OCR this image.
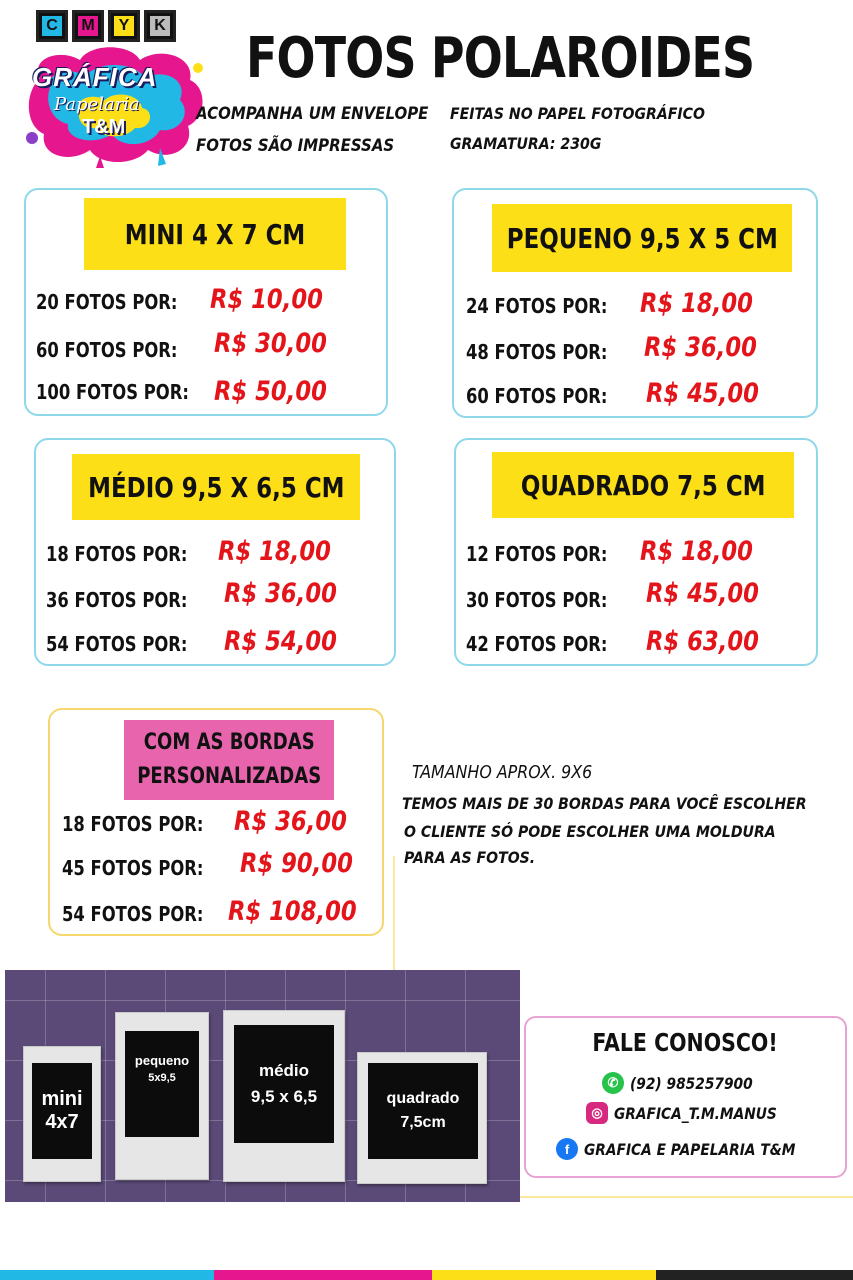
C M Y K
GRÁFICA
Papelaria
T&M
FOTOS POLAROIDES
ACOMPANHA UM ENVELOPE
FOTOS SÃO IMPRESSAS
FEITAS NO PAPEL FOTOGRÁFICO
GRAMATURA: 230G
MINI 4 X 7 CM
20 FOTOS POR: R$ 10,00
60 FOTOS POR: R$ 30,00
100 FOTOS POR: R$ 50,00
PEQUENO 9,5 X 5 CM
24 FOTOS POR: R$ 18,00
48 FOTOS POR: R$ 36,00
60 FOTOS POR: R$ 45,00
MÉDIO 9,5 X 6,5 CM
18 FOTOS POR: R$ 18,00
36 FOTOS POR: R$ 36,00
54 FOTOS POR: R$ 54,00
QUADRADO 7,5 CM
12 FOTOS POR: R$ 18,00
30 FOTOS POR: R$ 45,00
42 FOTOS POR: R$ 63,00
COM AS BORDAS
PERSONALIZADAS
18 FOTOS POR: R$ 36,00
45 FOTOS POR: R$ 90,00
54 FOTOS POR: R$ 108,00
TAMANHO APROX. 9X6
TEMOS MAIS DE 30 BORDAS PARA VOCÊ ESCOLHER
O CLIENTE SÓ PODE ESCOLHER UMA MOLDURA
PARA AS FOTOS.
mini
4x7
pequeno
5x9,5	médio
9,5 x 6,5	quadrado
7,5cm
FALE CONOSCO!
✆ (92) 985257900
◎ GRAFICA_T.M.MANUS
f GRAFICA E PAPELARIA T&M
